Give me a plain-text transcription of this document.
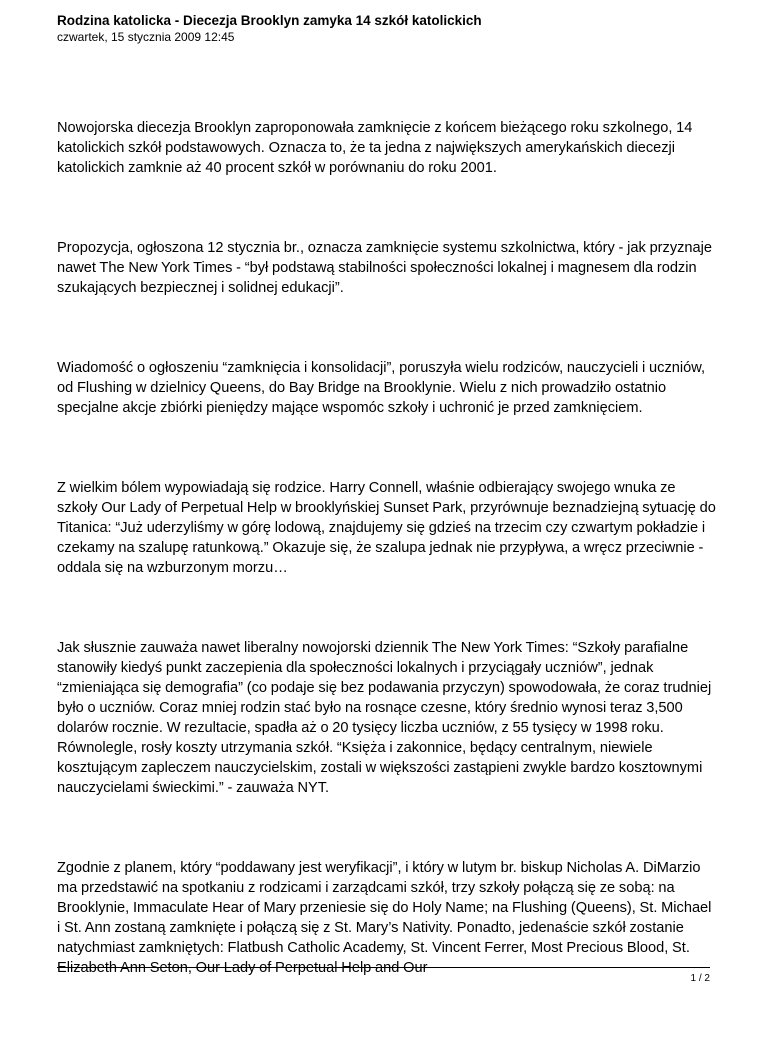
Rodzina katolicka - Diecezja Brooklyn zamyka 14 szkół katolickich
czwartek, 15 stycznia 2009 12:45

Nowojorska diecezja Brooklyn zaproponowała zamknięcie z końcem bieżącego roku szkolnego, 14 katolickich szkół podstawowych. Oznacza to, że ta jedna z największych amerykańskich diecezji katolickich zamknie aż 40 procent szkół w porównaniu do roku 2001.

Propozycja, ogłoszona 12 stycznia br., oznacza zamknięcie systemu szkolnictwa, który - jak przyznaje nawet The New York Times - “był podstawą stabilności społeczności lokalnej i magnesem dla rodzin szukających bezpiecznej i solidnej edukacji”.

Wiadomość o ogłoszeniu “zamknięcia i konsolidacji”, poruszyła wielu rodziców, nauczycieli i uczniów, od Flushing w dzielnicy Queens, do Bay Bridge na Brooklynie. Wielu z nich prowadziło ostatnio specjalne akcje zbiórki pieniędzy mające wspomóc szkoły i uchronić je przed zamknięciem.

Z wielkim bólem wypowiadają się rodzice. Harry Connell, właśnie odbierający swojego wnuka ze szkoły Our Lady of Perpetual Help w brooklyńskiej Sunset Park, przyrównuje beznadziejną sytuację do Titanica: “Już uderzyliśmy w górę lodową, znajdujemy się gdzieś na trzecim czy czwartym pokładzie i czekamy na szalupę ratunkową.” Okazuje się, że szalupa jednak nie przypływa, a wręcz przeciwnie - oddala się na wzburzonym morzu…

Jak słusznie zauważa nawet liberalny nowojorski dziennik The New York Times: “Szkoły parafialne stanowiły kiedyś punkt zaczepienia dla społeczności lokalnych i przyciągały uczniów”, jednak “zmieniająca się demografia” (co podaje się bez podawania przyczyn) spowodowała, że coraz trudniej było o uczniów. Coraz mniej rodzin stać było na rosnące czesne, który średnio wynosi teraz 3,500 dolarów rocznie. W rezultacie, spadła aż o 20 tysięcy liczba uczniów, z 55 tysięcy w 1998 roku. Równolegle, rosły koszty utrzymania szkół. “Księża i zakonnice, będący centralnym, niewiele kosztującym zapleczem nauczycielskim, zostali w większości zastąpieni zwykle bardzo kosztownymi nauczycielami świeckimi.” - zauważa NYT.

Zgodnie z planem, który “poddawany jest weryfikacji”, i który w lutym br. biskup Nicholas A. DiMarzio ma przedstawić na spotkaniu z rodzicami i zarządcami szkół, trzy szkoły połączą się ze sobą: na Brooklynie, Immaculate Hear of Mary przeniesie się do Holy Name; na Flushing (Queens), St. Michael i St. Ann zostaną zamknięte i połączą się z St. Mary’s Nativity. Ponadto, jedenaście szkół zostanie natychmiast zamkniętych: Flatbush Catholic Academy, St. Vincent Ferrer, Most Precious Blood, St. Elizabeth Ann Seton, Our Lady of Perpetual Help and Our

1 / 2
